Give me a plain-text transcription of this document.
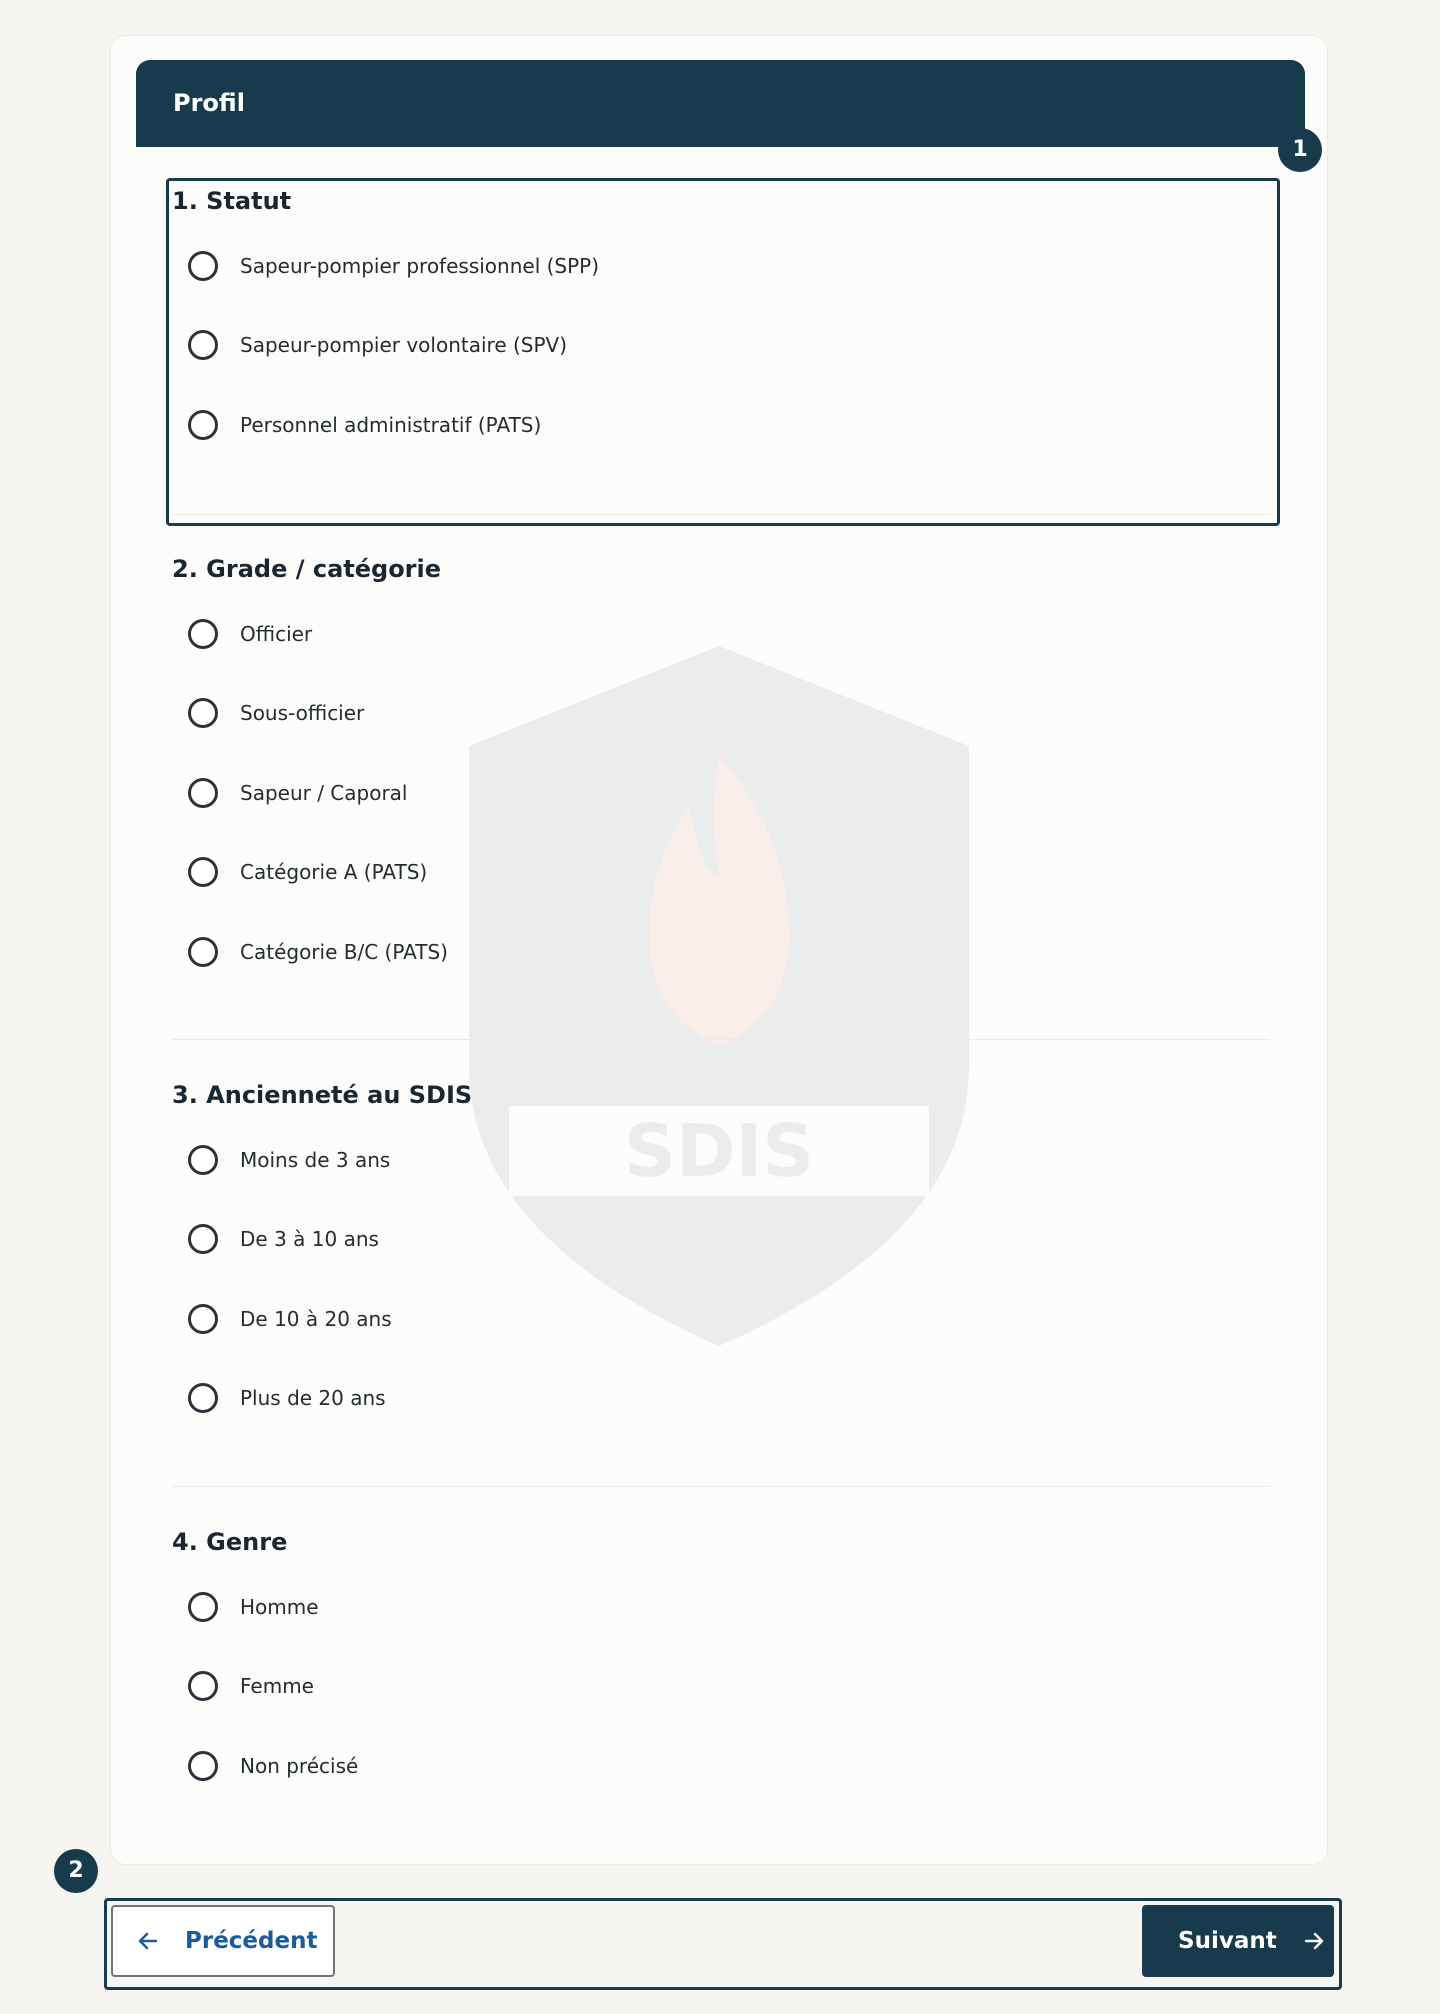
SDIS
Profil
1
1. Statut
Sapeur-pompier professionnel (SPP)
Sapeur-pompier volontaire (SPV)
Personnel administratif (PATS)
2. Grade / catégorie
Officier
Sous-officier
Sapeur / Caporal
Catégorie A (PATS)
Catégorie B/C (PATS)
3. Ancienneté au SDIS
Moins de 3 ans
De 3 à 10 ans
De 10 à 20 ans
Plus de 20 ans
4. Genre
Homme
Femme
Non précisé
2
Précédent	Suivant
